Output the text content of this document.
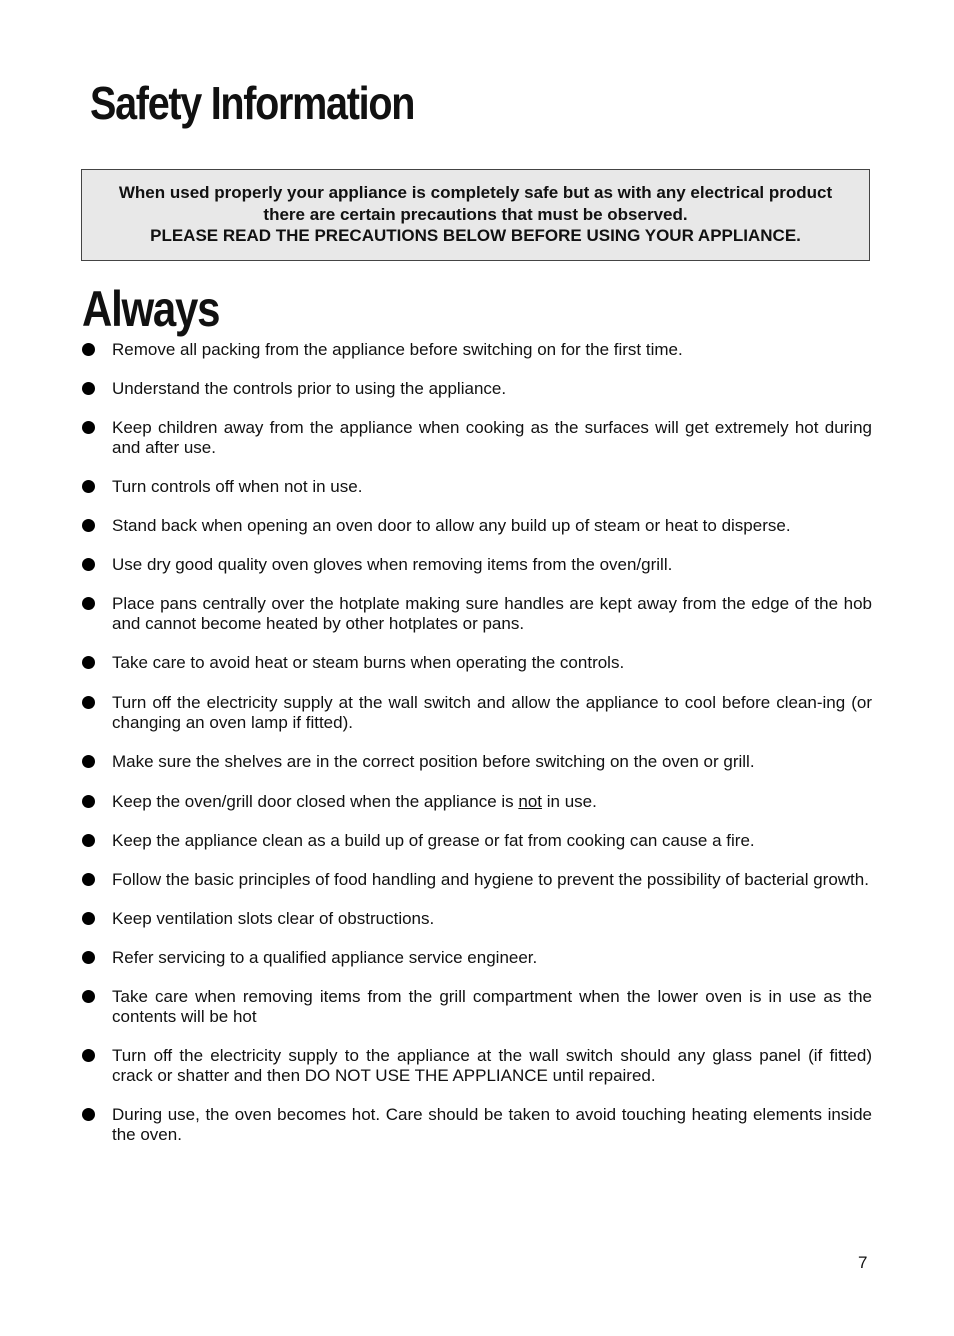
Safety Information
When used properly your appliance is completely safe but as with any electrical product
there are certain precautions that must be observed.
PLEASE READ THE PRECAUTIONS BELOW BEFORE USING YOUR APPLIANCE.
Always
Remove all packing from the appliance before switching on for the first time.
Understand the controls prior to using the appliance.
Keep children away from the appliance when cooking as the surfaces will get extremely hot during and after use.
Turn controls off when not in use.
Stand back when opening an oven door to allow any build up of steam or heat to disperse.
Use dry good quality oven gloves when removing items from the oven/grill.
Place pans centrally over the hotplate making sure handles are kept away from the edge of the hob and cannot become heated by other hotplates or pans.
Take care to avoid heat or steam burns when operating the controls.
Turn off the electricity supply at the wall switch and allow the appliance to cool before clean-ing (or changing an oven lamp if fitted).
Make sure the shelves are in the correct position before switching on the oven or grill.
Keep the oven/grill door closed when the appliance is not in use.
Keep the appliance clean as a build up of grease or fat from cooking can cause a fire.
Follow the basic principles of food handling and hygiene to prevent the possibility of bacterial growth.
Keep ventilation slots clear of obstructions.
Refer servicing to a qualified appliance service engineer.
Take care when removing items from the grill compartment when the lower oven is in use as the contents will be hot
Turn off the electricity supply to the appliance at the wall switch should any glass panel (if fitted) crack or shatter and then DO NOT USE THE APPLIANCE until repaired.
During use, the oven becomes hot. Care should be taken to avoid touching heating elements inside the oven.
7
